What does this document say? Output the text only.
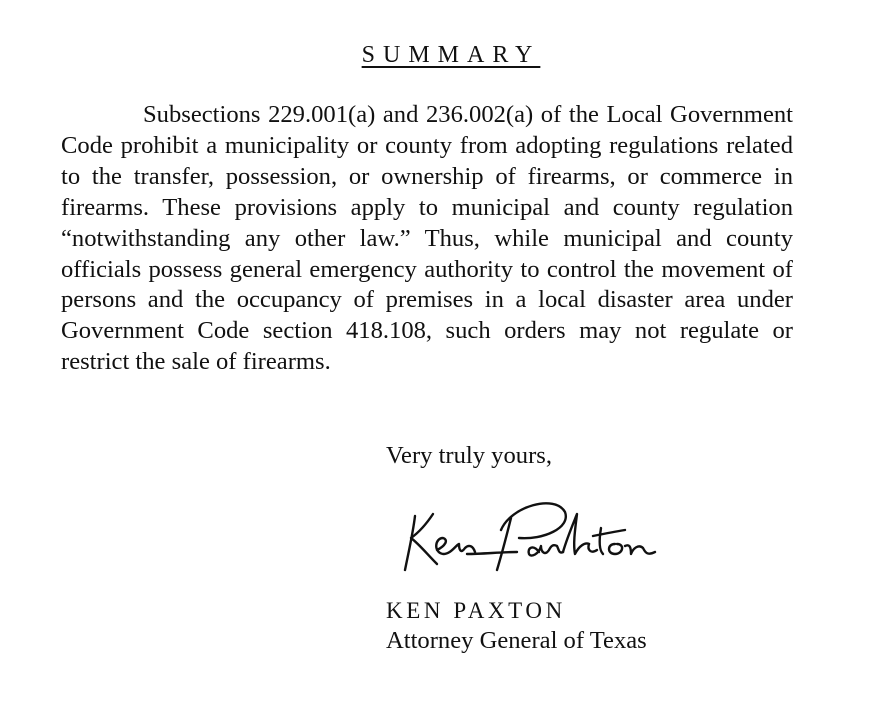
SUMMARY

Subsections 229.001(a) and 236.002(a) of the Local Government Code prohibit a municipality or county from adopting regulations related to the transfer, possession, or ownership of firearms, or commerce in firearms. These provisions apply to municipal and county regulation “notwithstanding any other law.” Thus, while municipal and county officials possess general emergency authority to control the movement of persons and the occupancy of premises in a local disaster area under Government Code section 418.108, such orders may not regulate or restrict the sale of firearms.

Very truly yours,
KEN PAXTON
Attorney General of Texas
